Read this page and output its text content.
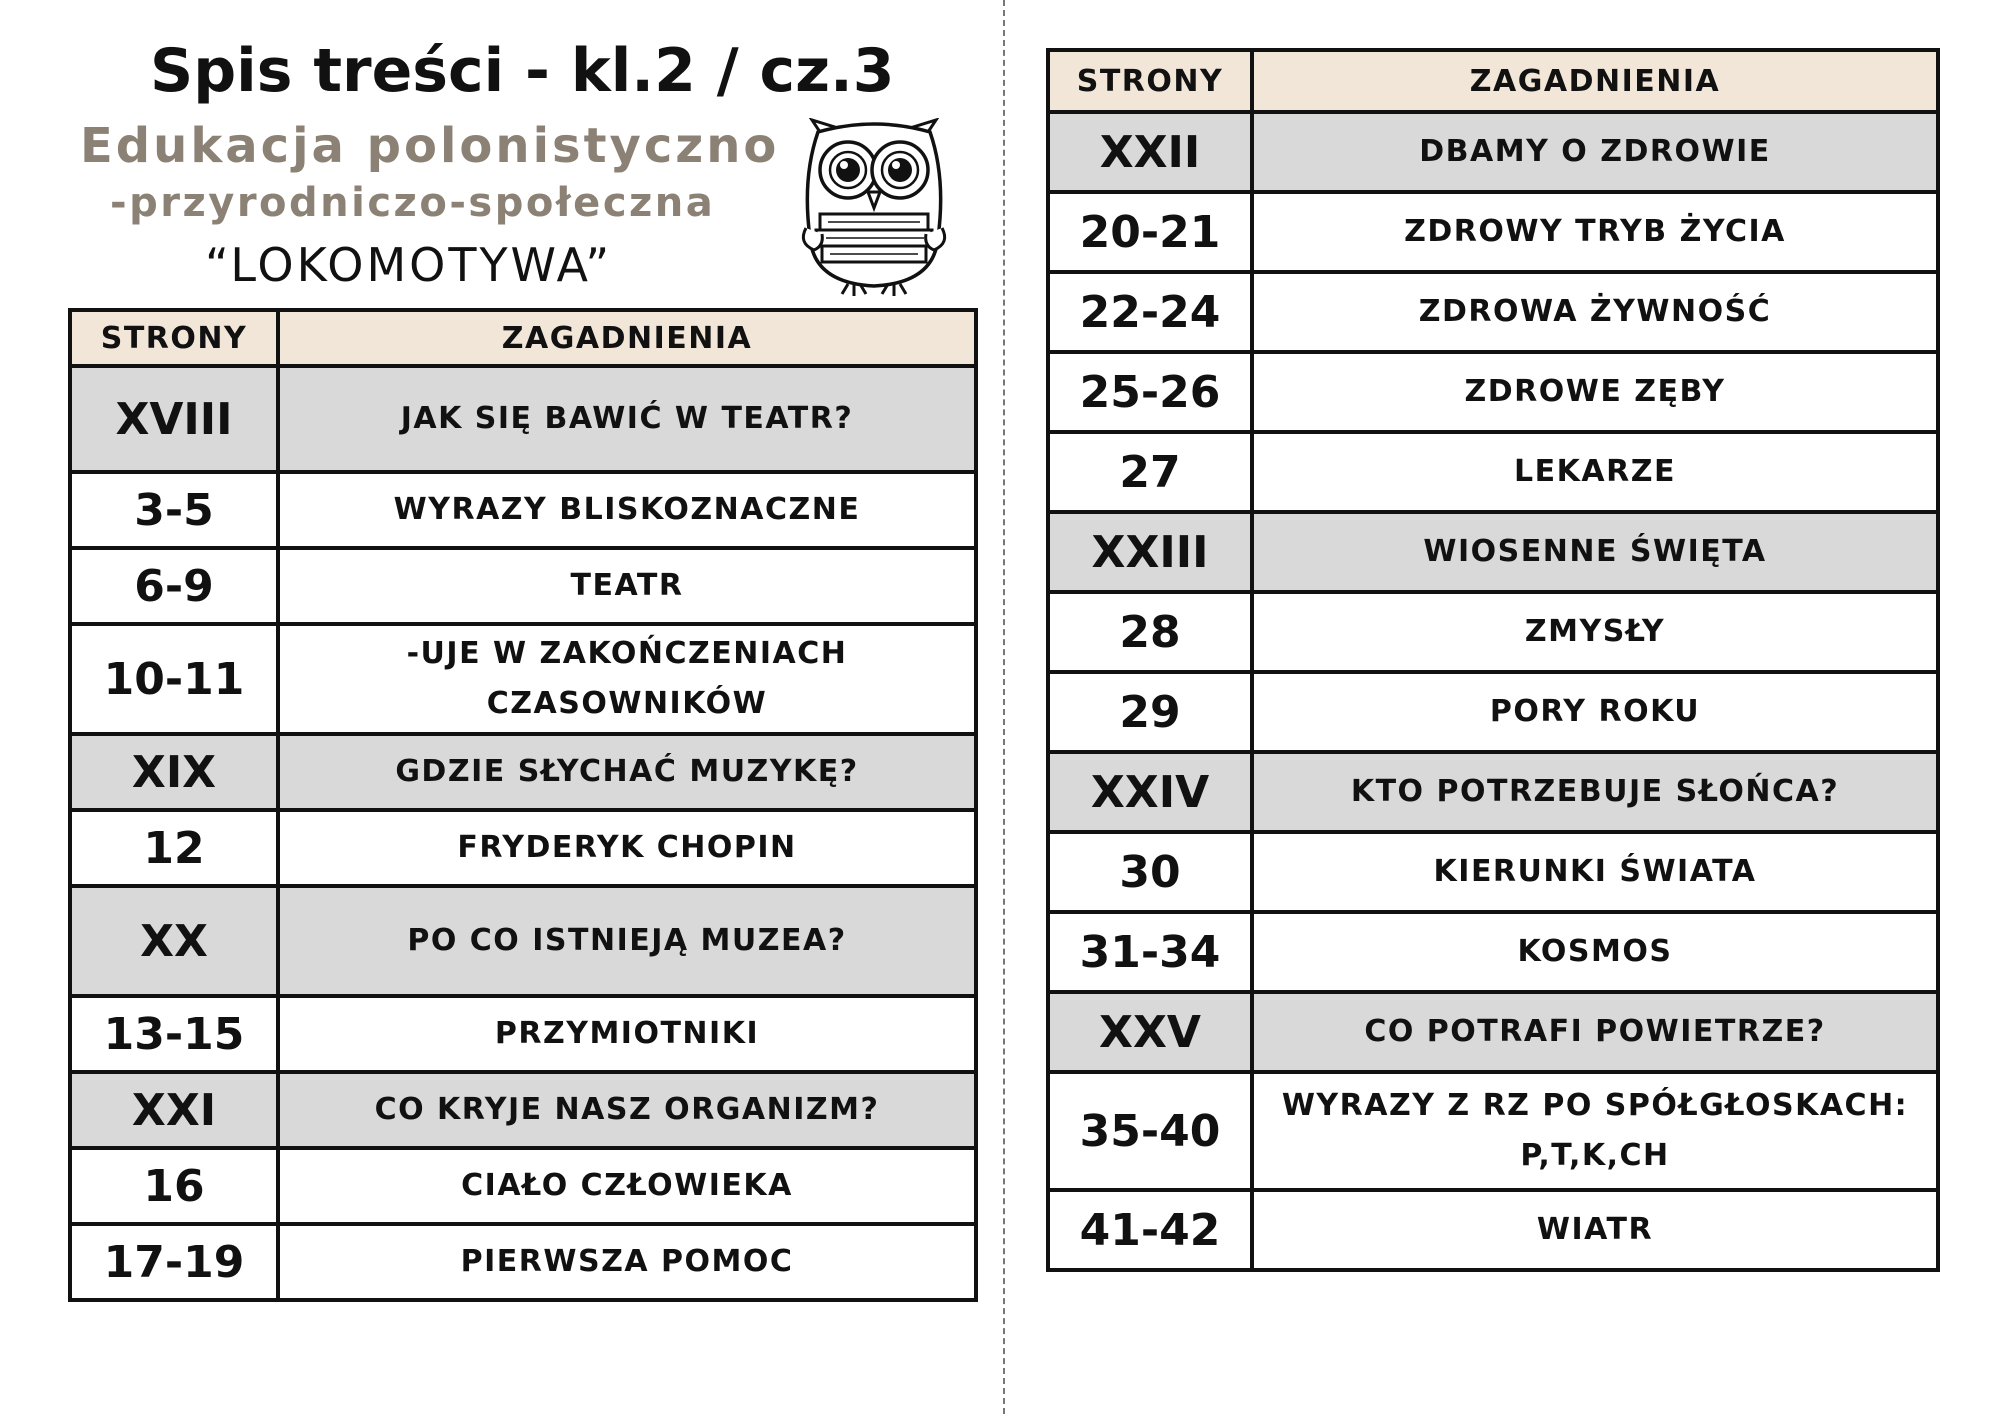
Spis treści - kl.2 / cz.3
Edukacja polonistyczno
-przyrodniczo-społeczna
“LOKOMOTYWA”
STRONY	ZAGADNIENIA
XVIII	JAK SIĘ BAWIĆ W TEATR?
3-5	WYRAZY BLISKOZNACZNE
6-9	TEATR
10-11	-UJE W ZAKOŃCZENIACH CZASOWNIKÓW
XIX	GDZIE SŁYCHAĆ MUZYKĘ?
12	FRYDERYK CHOPIN
XX	PO CO ISTNIEJĄ MUZEA?
13-15	PRZYMIOTNIKI
XXI	CO KRYJE NASZ ORGANIZM?
16	CIAŁO CZŁOWIEKA
17-19	PIERWSZA POMOC
STRONY	ZAGADNIENIA
XXII	DBAMY O ZDROWIE
20-21	ZDROWY TRYB ŻYCIA
22-24	ZDROWA ŻYWNOŚĆ
25-26	ZDROWE ZĘBY
27	LEKARZE
XXIII	WIOSENNE ŚWIĘTA
28	ZMYSŁY
29	PORY ROKU
XXIV	KTO POTRZEBUJE SŁOŃCA?
30	KIERUNKI ŚWIATA
31-34	KOSMOS
XXV	CO POTRAFI POWIETRZE?
35-40	WYRAZY Z RZ PO SPÓŁGŁOSKACH: P,T,K,CH
41-42	WIATR
